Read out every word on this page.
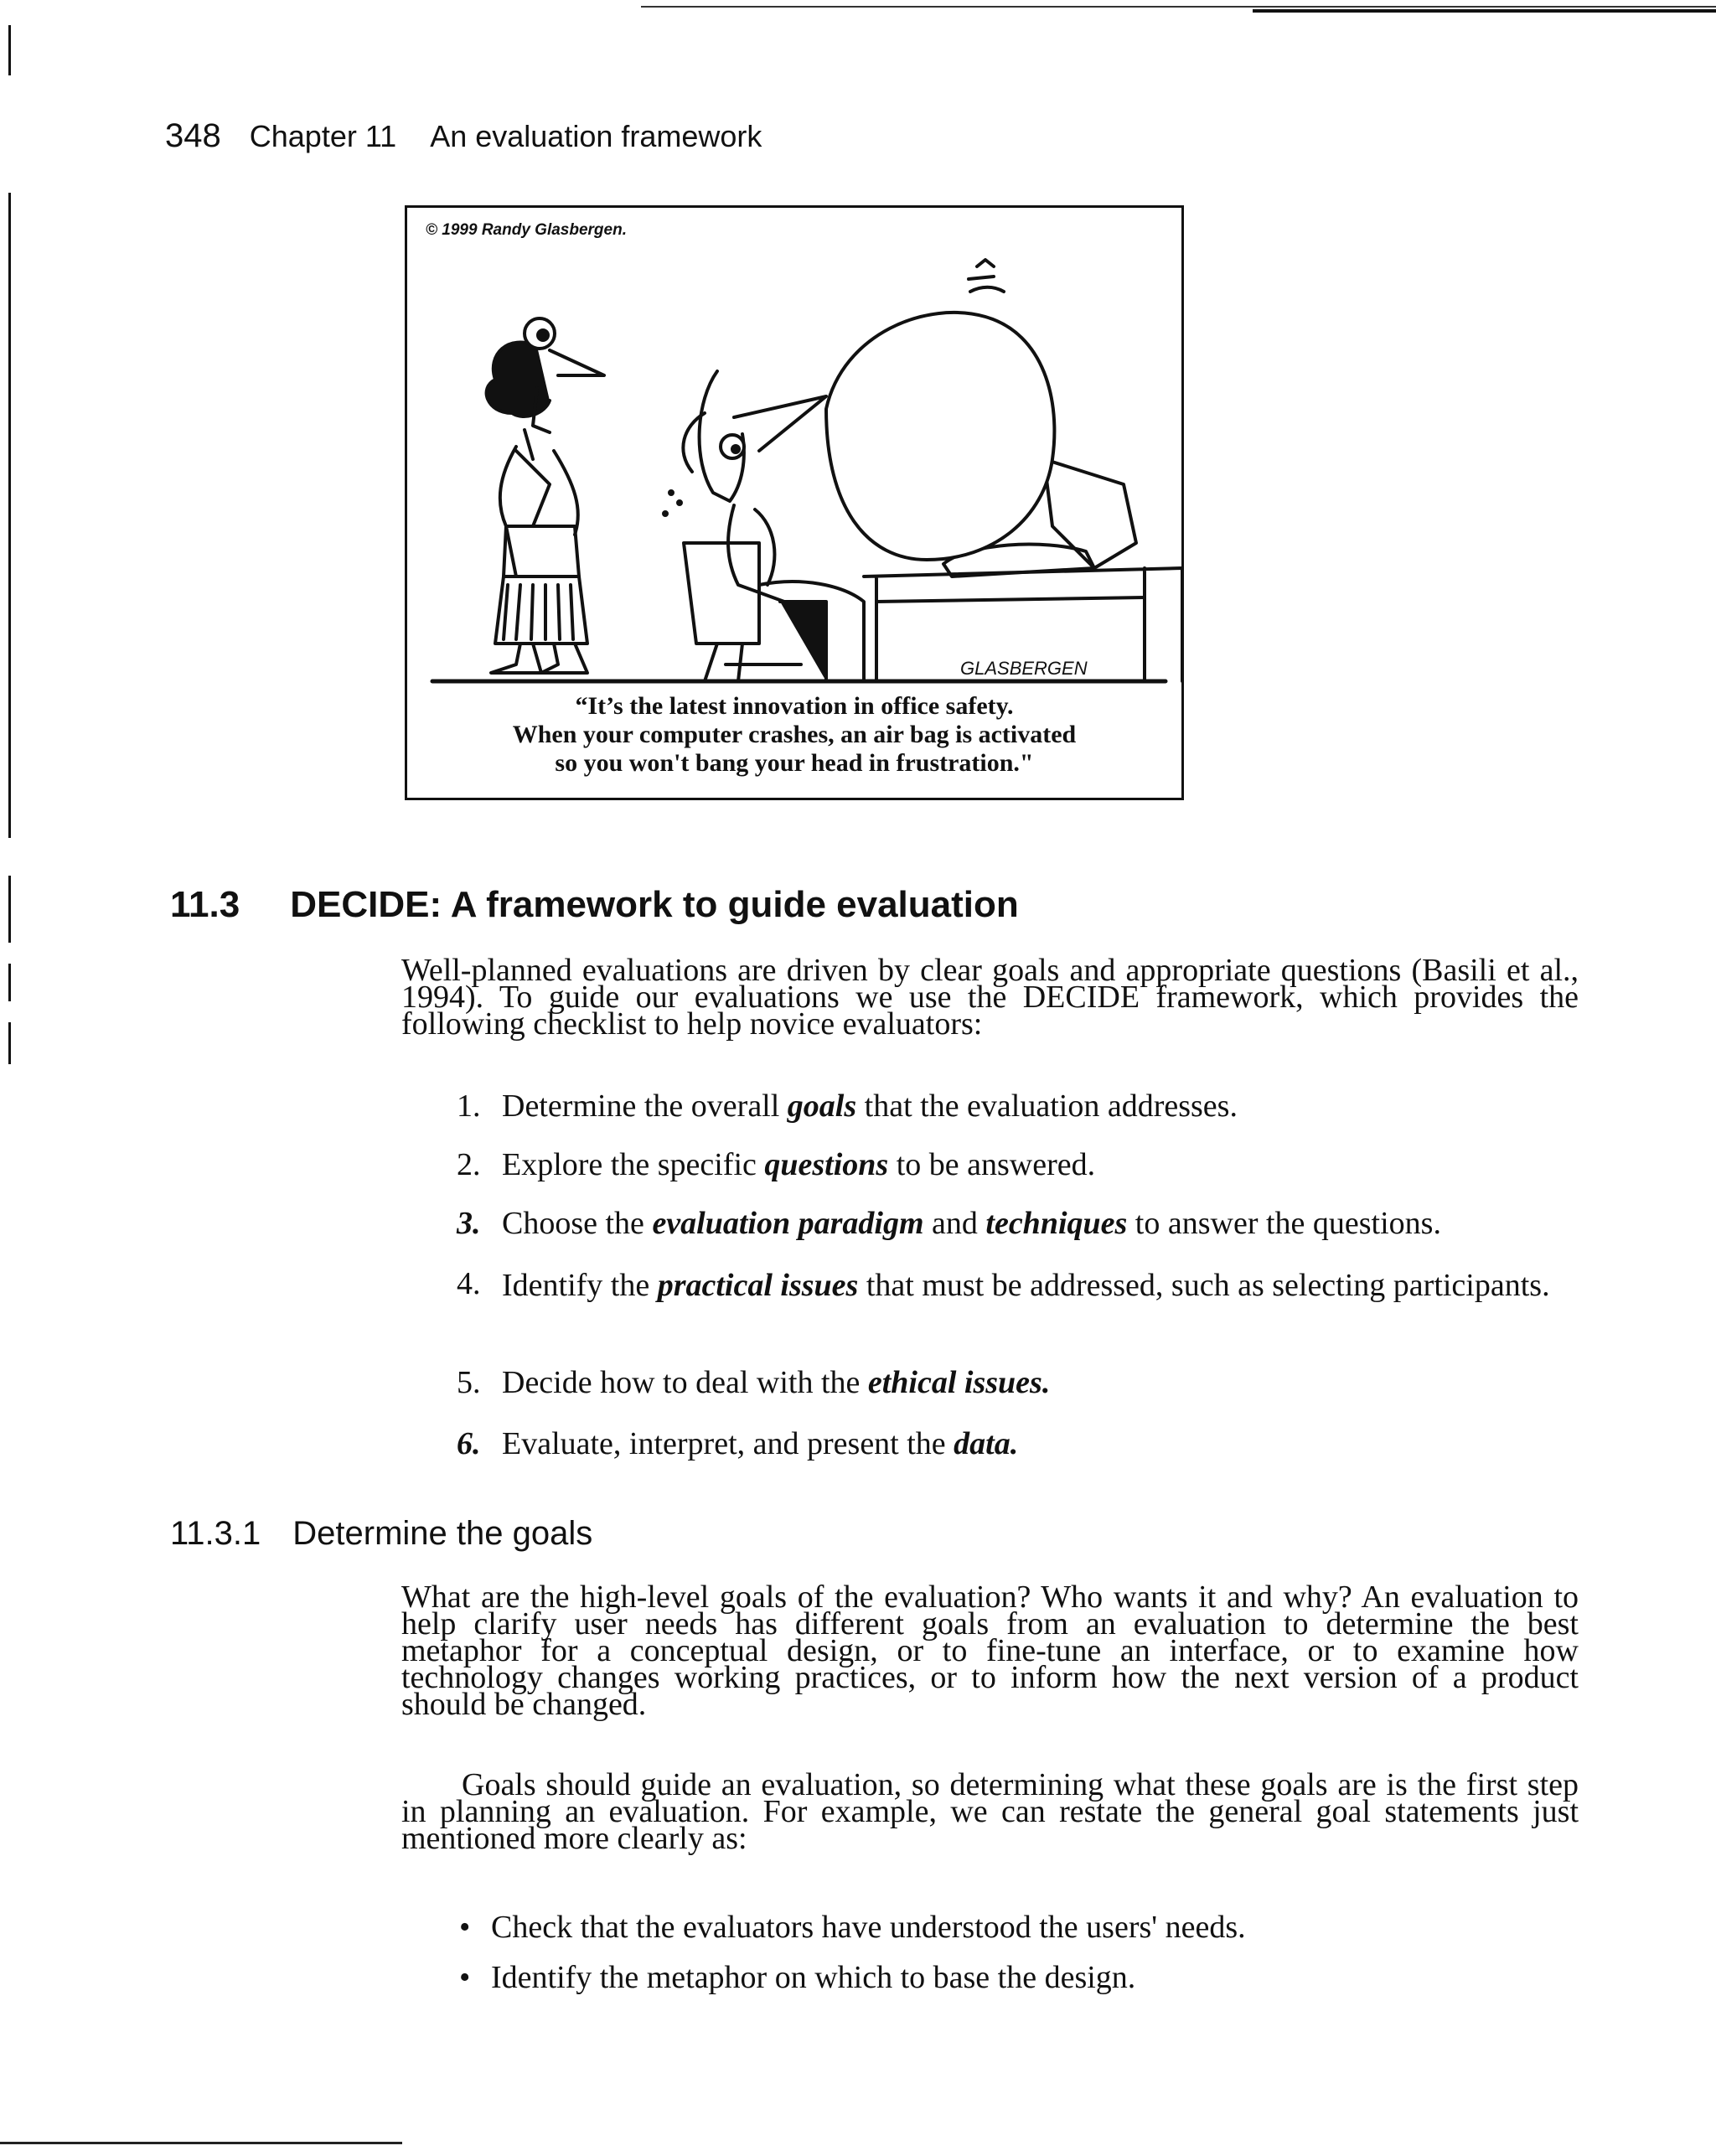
348 Chapter 11 An evaluation framework
© 1999 Randy Glasbergen.
GLASBERGEN
“It’s the latest innovation in office safety.
When your computer crashes, an air bag is activated
so you won't bang your head in frustration."
11.3 DECIDE: A framework to guide evaluation
Well-planned evaluations are driven by clear goals and appropriate questions (Basili et al., 1994). To guide our evaluations we use the DECIDE framework, which provides the following checklist to help novice evaluators:
1. Determine the overall goals that the evaluation addresses.
2. Explore the specific questions to be answered.
3. Choose the evaluation paradigm and techniques to answer the questions.
4. Identify the practical issues that must be addressed, such as selecting participants.
5. Decide how to deal with the ethical issues.
6. Evaluate, interpret, and present the data.
11.3.1 Determine the goals
What are the high-level goals of the evaluation? Who wants it and why? An evaluation to help clarify user needs has different goals from an evaluation to determine the best metaphor for a conceptual design, or to fine-tune an interface, or to examine how technology changes working practices, or to inform how the next version of a product should be changed.
Goals should guide an evaluation, so determining what these goals are is the first step in planning an evaluation. For example, we can restate the general goal statements just mentioned more clearly as:
• Check that the evaluators have understood the users' needs.
• Identify the metaphor on which to base the design.
